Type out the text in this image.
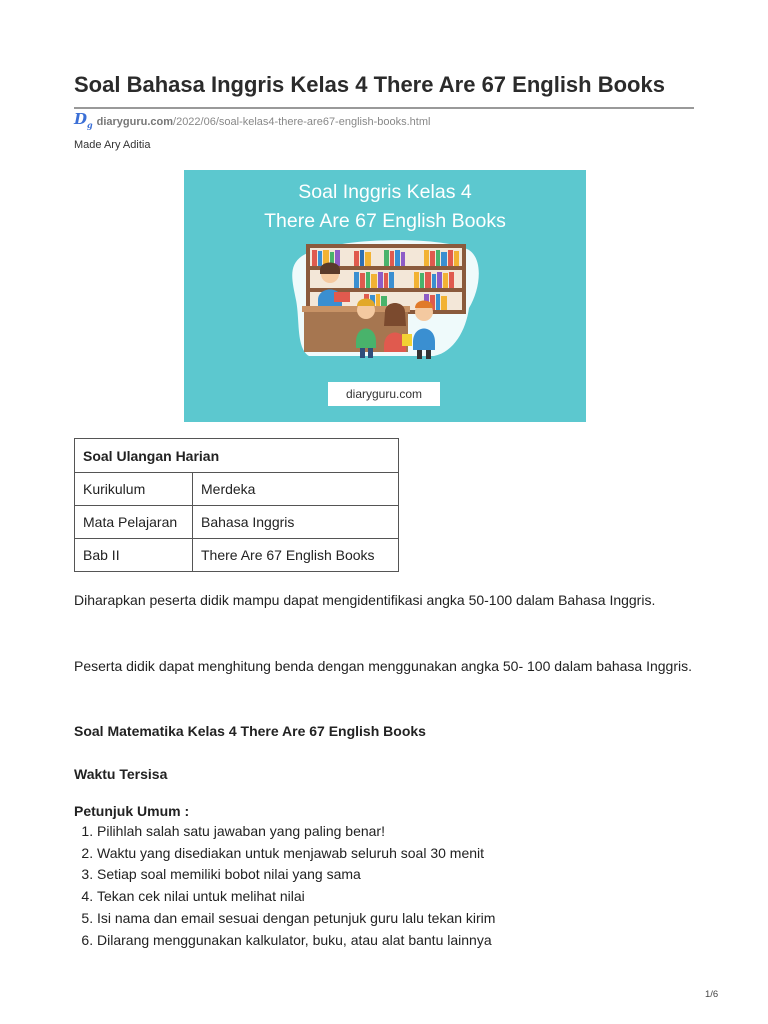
Soal Bahasa Inggris Kelas 4 There Are 67 English Books
$D_g$ diaryguru.com/2022/06/soal-kelas4-there-are67-english-books.html
Made Ary Aditia
Soal Inggris Kelas 4
There Are 67 English Books
diaryguru.com
Soal Ulangan Harian	
Kurikulum	Merdeka
Mata Pelajaran	Bahasa Inggris
Bab II	There Are 67 English Books

Diharapkan peserta didik mampu dapat mengidentifikasi angka 50-100 dalam Bahasa Inggris.

Peserta didik dapat menghitung benda dengan menggunakan angka 50- 100 dalam bahasa Inggris.

Soal Matematika Kelas 4 There Are 67 English Books
Waktu Tersisa
Petunjuk Umum :
1. Pilihlah salah satu jawaban yang paling benar!
2. Waktu yang disediakan untuk menjawab seluruh soal 30 menit
3. Setiap soal memiliki bobot nilai yang sama
4. Tekan cek nilai untuk melihat nilai
5. Isi nama dan email sesuai dengan petunjuk guru lalu tekan kirim
6. Dilarang menggunakan kalkulator, buku, atau alat bantu lainnya
1/6
